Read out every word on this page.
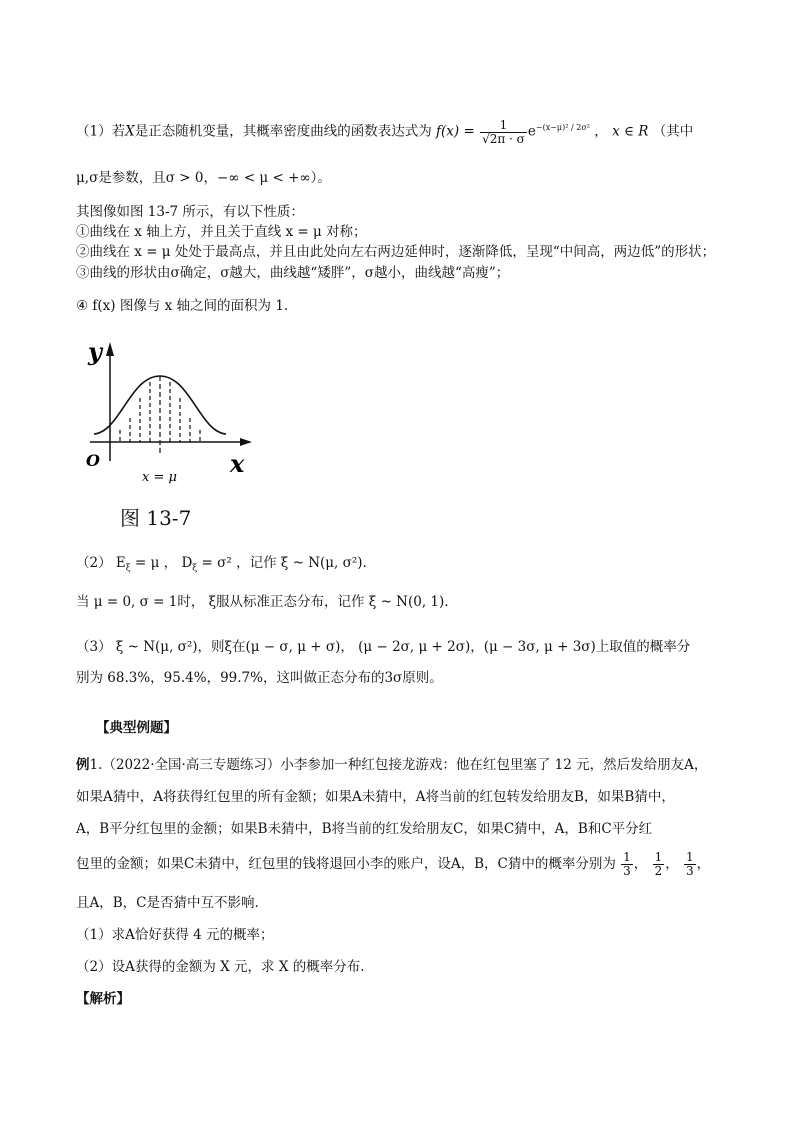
（1）若X是正态随机变量，其概率密度曲线的函数表达式为 $f(x) = \frac{1}{√2\pi \cdot \sigma} e^{-(x-\mu)^2 / 2\sigma^2}$ ， x ∈ R （其中
μ,σ是参数，且σ > 0，−∞ < μ < +∞）。
其图像如图 13-7 所示，有以下性质：
①曲线在 x 轴上方，并且关于直线 x = μ 对称；
②曲线在 x = μ 处处于最高点，并且由此处向左右两边延伸时，逐渐降低，呈现“中间高，两边低”的形状；
③曲线的形状由σ确定，σ越大，曲线越“矮胖”，σ越小，曲线越“高瘦”；
④ f(x) 图像与 x 轴之间的面积为 1.
y
x
O
x = μ
图 13-7
（2） $E_\xi = \mu$ ， $D_\xi = \sigma^2$ ，记作 ξ ~ N(μ, σ²).
当 μ = 0, σ = 1时， ξ服从标准正态分布，记作 ξ ~ N(0, 1).
（3） ξ ~ N(μ, σ²)，则ξ在(μ − σ, μ + σ)， (μ − 2σ, μ + 2σ)，(μ − 3σ, μ + 3σ)上取值的概率分
别为 68.3%，95.4%，99.7%，这叫做正态分布的3σ原则。
【典型例题】
例1.（2022·全国·高三专题练习）小李参加一种红包接龙游戏：他在红包里塞了 12 元，然后发给朋友A，
如果A猜中，A将获得红包里的所有金额；如果A未猜中，A将当前的红包转发给朋友B，如果B猜中，
A，B平分红包里的金额；如果B未猜中，B将当前的红发给朋友C，如果C猜中，A，B和C平分红
包里的金额；如果C未猜中，红包里的钱将退回小李的账户，设A，B，C猜中的概率分别为 $\frac{1}{3}$ ， $\frac{1}{2}$ ， $\frac{1}{3}$ ，
且A，B，C是否猜中互不影响.
（1）求A恰好获得 4 元的概率；
（2）设A获得的金额为 X 元，求 X 的概率分布.
【解析】
